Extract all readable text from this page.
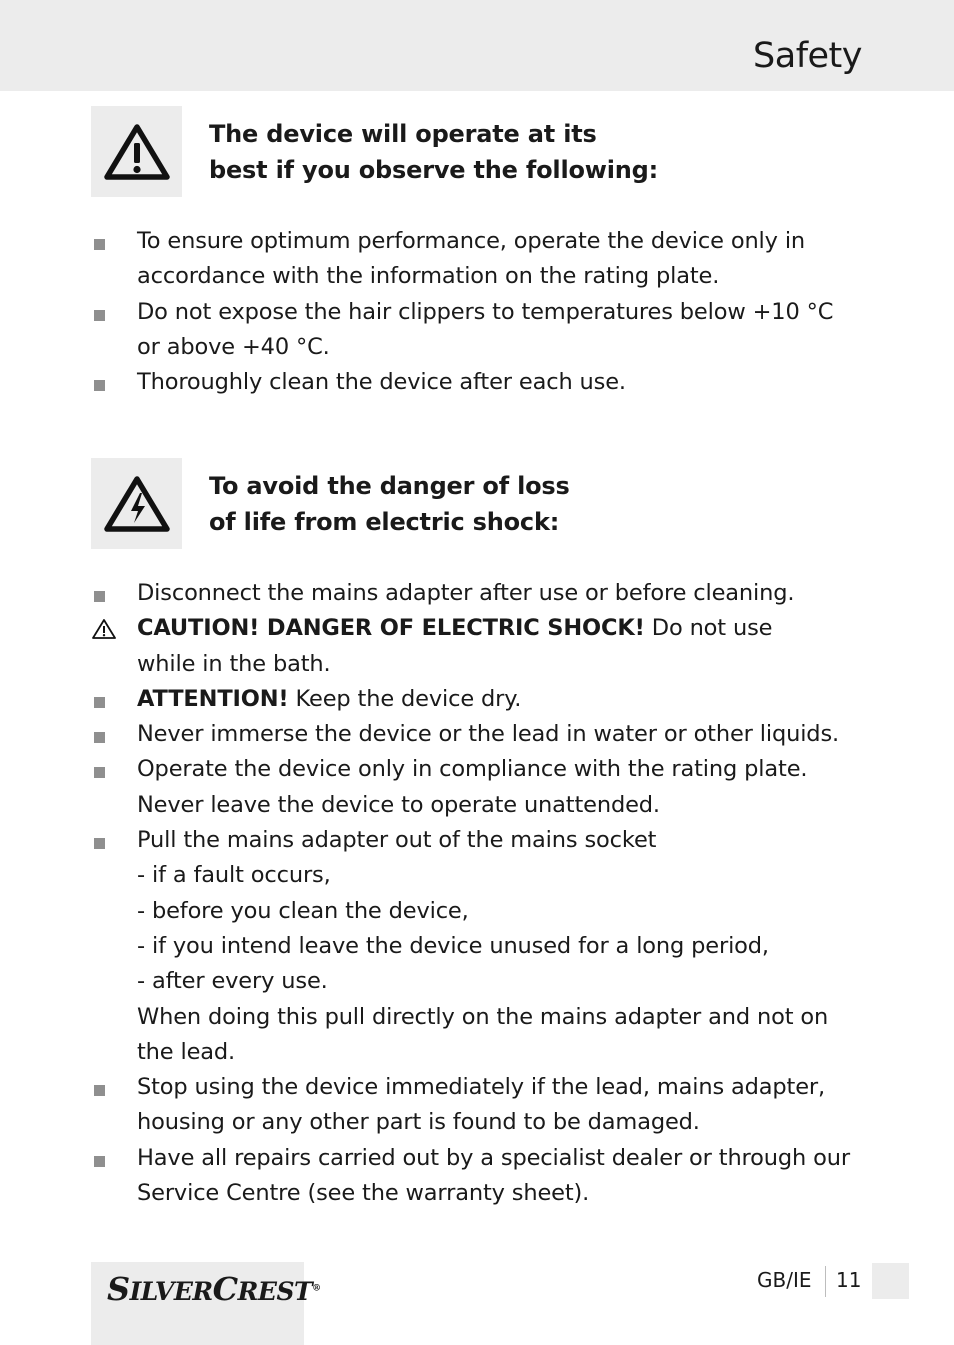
Safety
The device will operate at its
best if you observe the following:
To ensure optimum performance, operate the device only in
accordance with the information on the rating plate.
Do not expose the hair clippers to temperatures below +10 °C
or above +40 °C.
Thoroughly clean the device after each use.
To avoid the danger of loss
of life from electric shock:
Disconnect the mains adapter after use or before cleaning.
CAUTION! DANGER OF ELECTRIC SHOCK! Do not use
while in the bath.
ATTENTION! Keep the device dry.
Never immerse the device or the lead in water or other liquids.
Operate the device only in compliance with the rating plate.
Never leave the device to operate unattended.
Pull the mains adapter out of the mains socket
- if a fault occurs,
- before you clean the device,
- if you intend leave the device unused for a long period,
- after every use.
When doing this pull directly on the mains adapter and not on
the lead.
Stop using the device immediately if the lead, mains adapter,
housing or any other part is found to be damaged.
Have all repairs carried out by a specialist dealer or through our
Service Centre (see the warranty sheet).
SILVERCREST®	GB/IE 11
